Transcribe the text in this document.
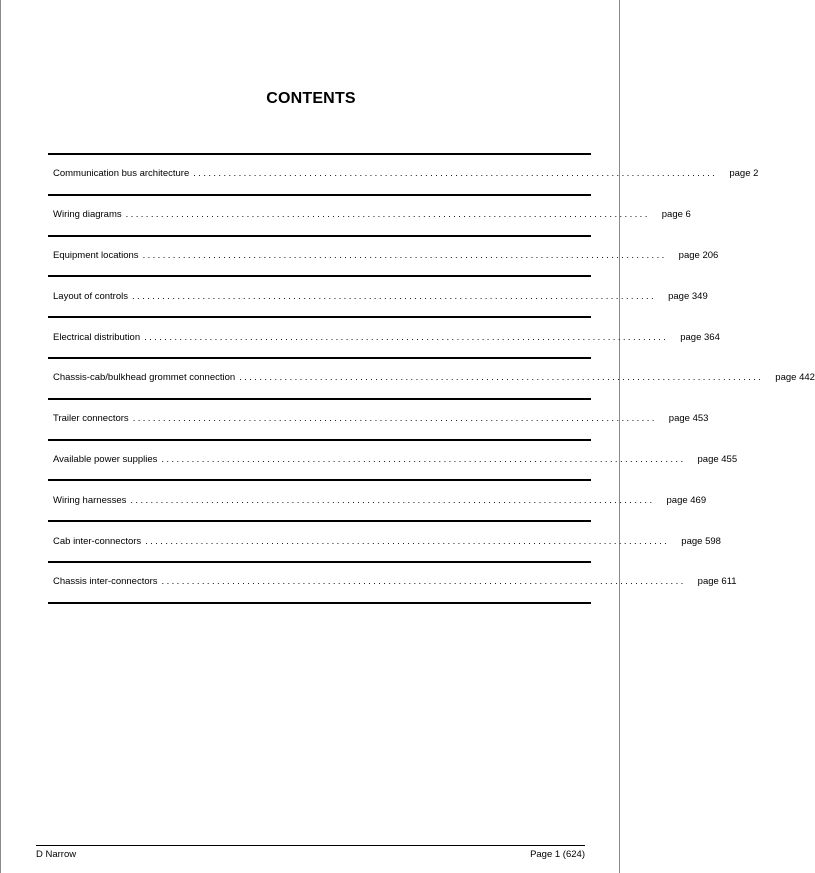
CONTENTS
Communication bus architecture ........................................................................................................ page 2
Wiring diagrams ........................................................................................................ page 6
Equipment locations ........................................................................................................ page 206
Layout of controls ........................................................................................................ page 349
Electrical distribution ........................................................................................................ page 364
Chassis-cab/bulkhead grommet connection ........................................................................................................ page 442
Trailer connectors ........................................................................................................ page 453
Available power supplies ........................................................................................................ page 455
Wiring harnesses ........................................................................................................ page 469
Cab inter-connectors ........................................................................................................ page 598
Chassis inter-connectors ........................................................................................................ page 611
D Narrow	Page 1 (624)
